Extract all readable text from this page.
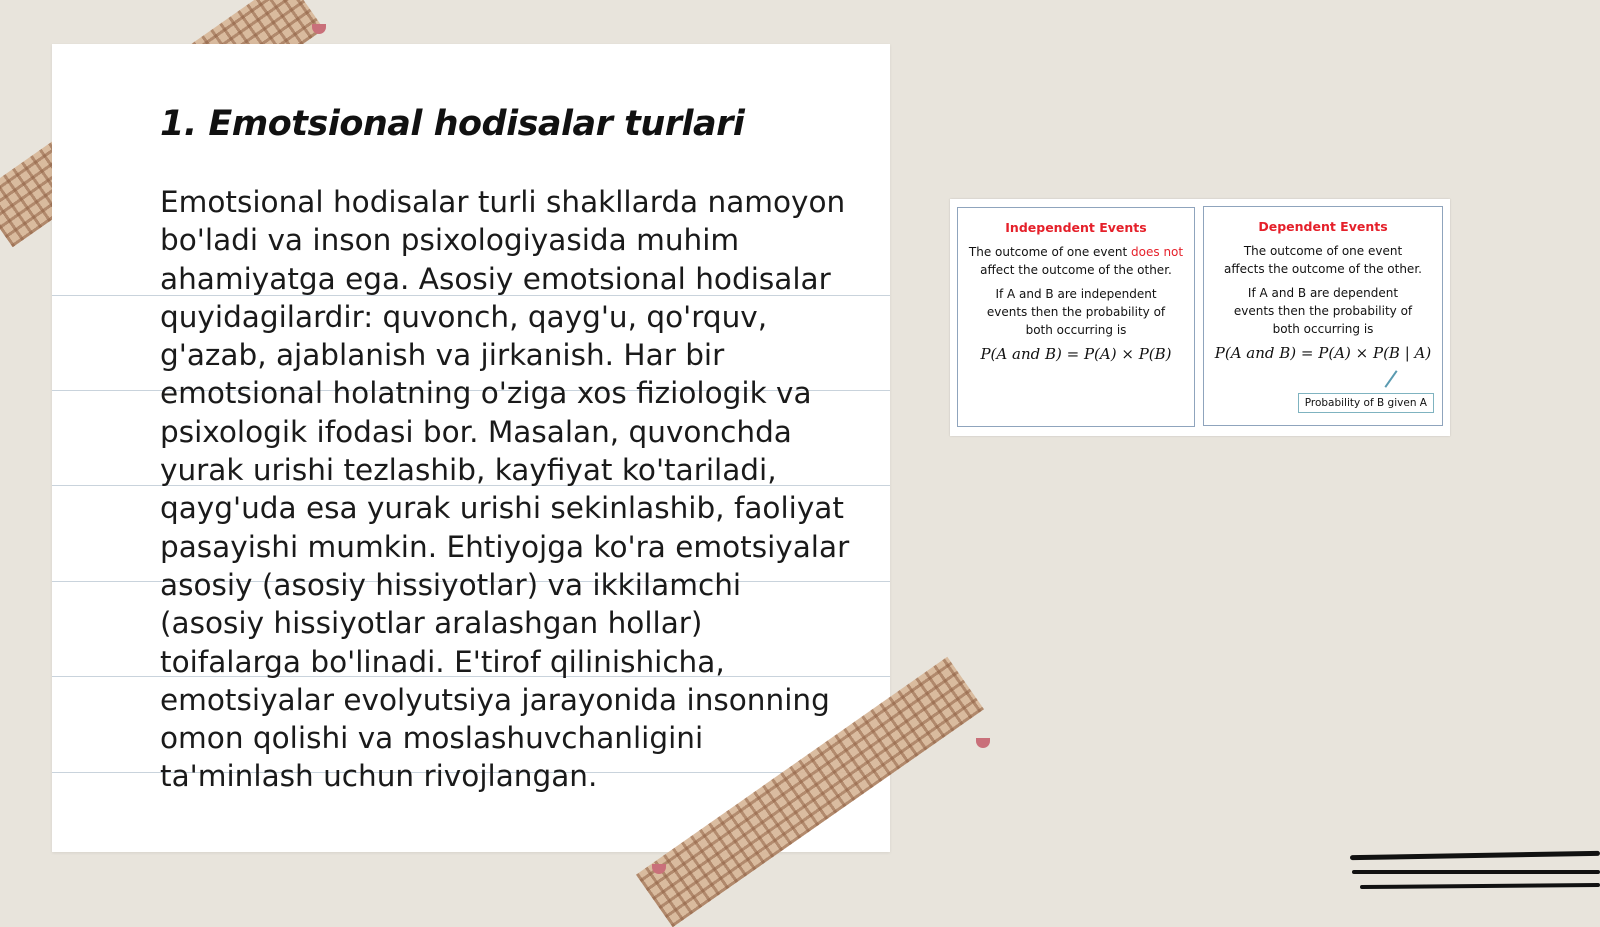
1. Emotsional hodisalar turlari

Emotsional hodisalar turli shakllarda namoyon bo'ladi va inson psixologiyasida muhim ahamiyatga ega. Asosiy emotsional hodisalar quyidagilardir: quvonch, qayg'u, qo'rquv, g'azab, ajablanish va jirkanish. Har bir emotsional holatning o'ziga xos fiziologik va psixologik ifodasi bor. Masalan, quvonchda yurak urishi tezlashib, kayfiyat ko'tariladi, qayg'uda esa yurak urishi sekinlashib, faoliyat pasayishi mumkin. Ehtiyojga ko'ra emotsiyalar asosiy (asosiy hissiyotlar) va ikkilamchi (asosiy hissiyotlar aralashgan hollar) toifalarga bo'linadi. E'tirof qilinishicha, emotsiyalar evolyutsiya jarayonida insonning omon qolishi va moslashuvchanligini ta'minlash uchun rivojlangan.

Independent Events

The outcome of one event does not
affect the outcome of the other.

If A and B are independent events then the probability of both occurring is

P(A and B) = P(A) × P(B)
Dependent Events

The outcome of one event affects the outcome of the other.

If A and B are dependent events then the probability of both occurring is

P(A and B) = P(A) × P(B | A)
Probability of B given A
